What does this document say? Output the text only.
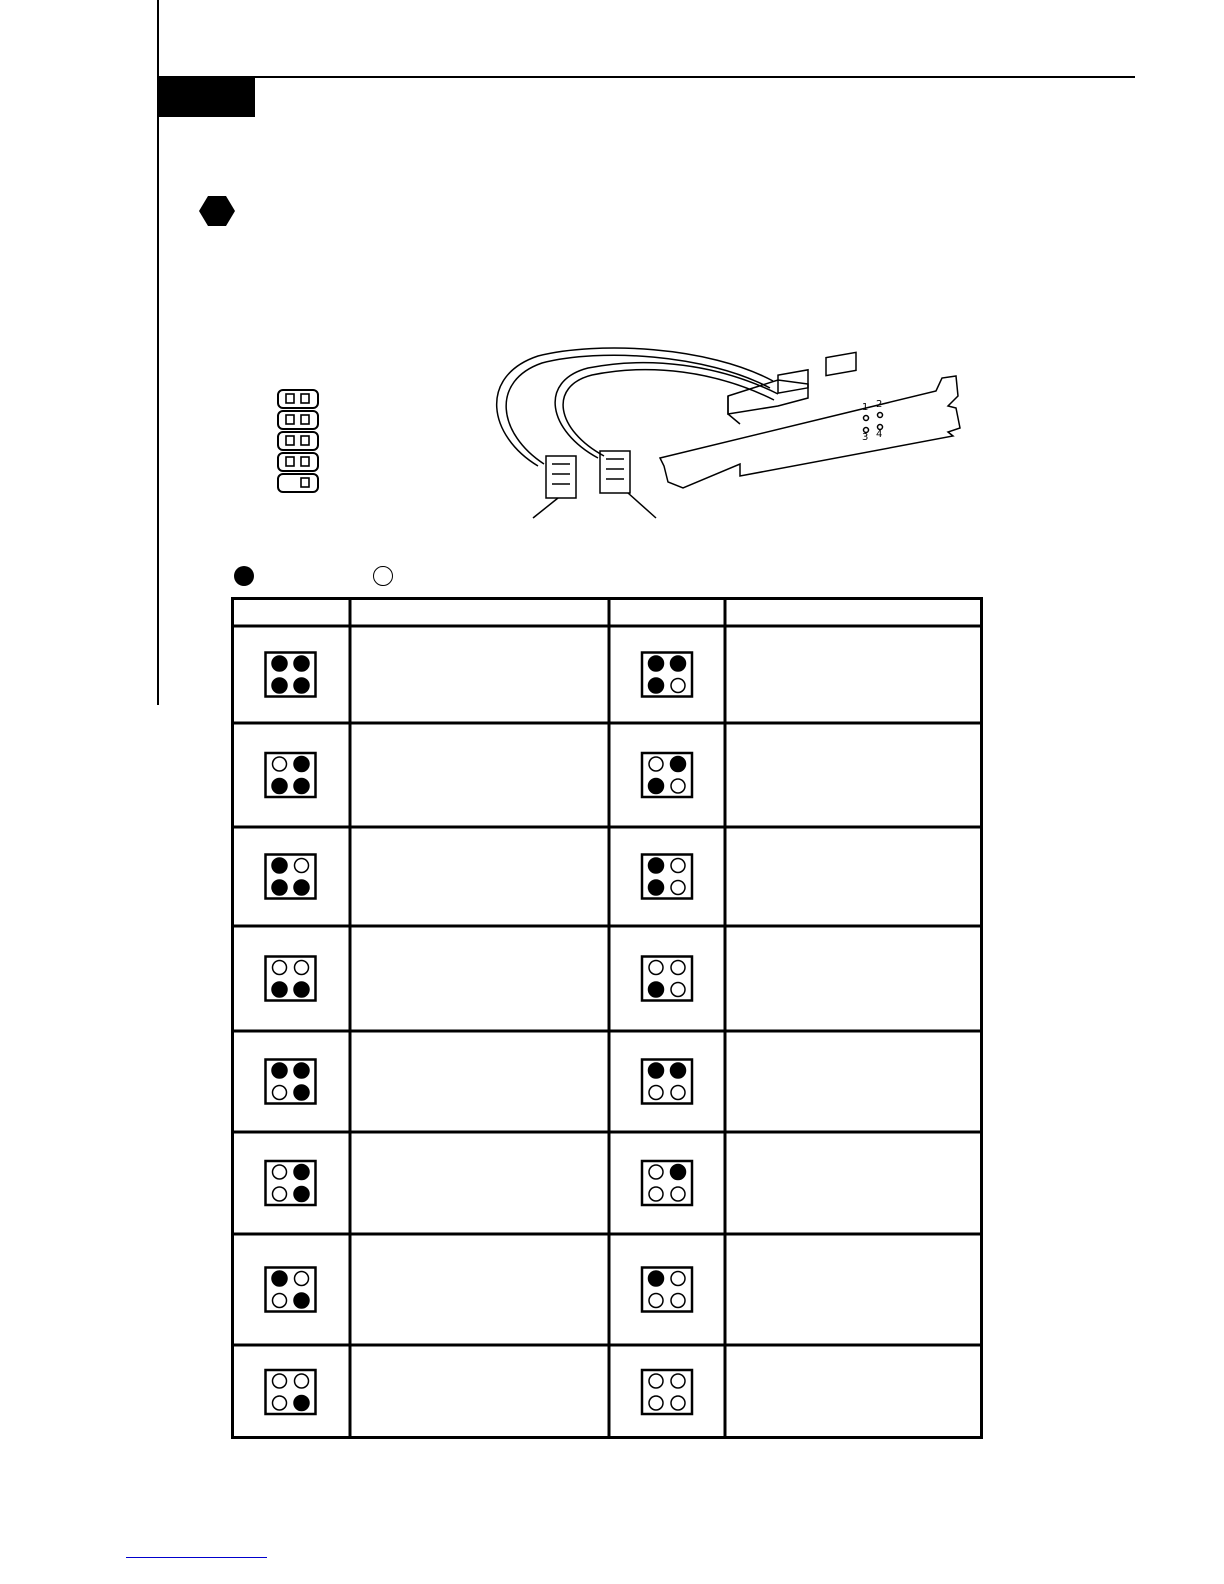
1 2
3 4
